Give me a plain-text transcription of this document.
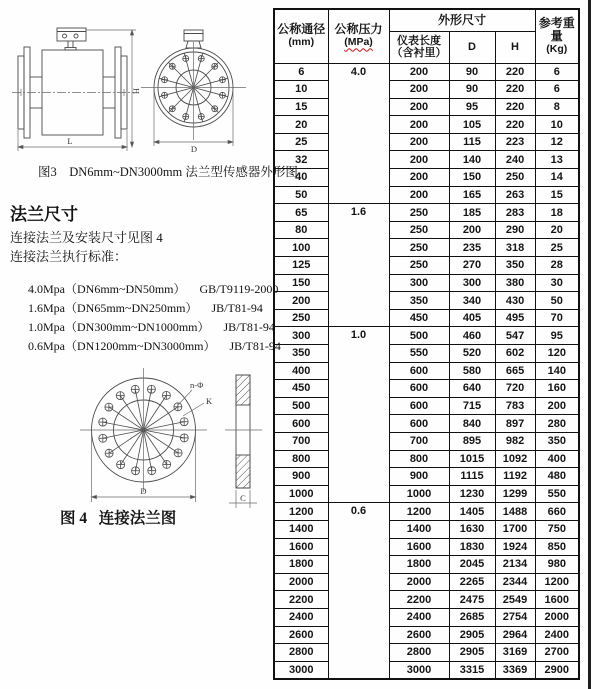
L
H
D
图3    DN6mm~DN3000mm 法兰型传感器外形图
法兰尺寸
连接法兰及安装尺寸见图 4
连接法兰执行标准：

4.0Mpa（DN6mm~DN50mm） GB/T9119-2000

1.6Mpa（DN65mm~DN250mm） JB/T81-94

1.0Mpa（DN300mm~DN1000mm） JB/T81-94

0.6Mpa（DN1200mm~DN3000mm） JB/T81-94

n-Φ
K
D
C
图 4   连接法兰图
公称通径
(mm)

公称压力
(MPa)
	外形尺寸	参考重量
(Kg)

		仪表长度
（含衬里）	D	H	
6	4.0	200	90	220	6
10		200	90	220	6
15		200	95	220	8
20		200	105	220	10
25		200	115	223	12
32		200	140	240	13
40		200	150	250	14
50		200	165	263	15
65	1.6	250	185	283	18
80		250	200	290	20
100		250	235	318	25
125		250	270	350	28
150		300	300	380	30
200		350	340	430	50
250		450	405	495	70
300	1.0	500	460	547	95
350		550	520	602	120
400		600	580	665	140
450		600	640	720	160
500		600	715	783	200
600		600	840	897	280
700		700	895	982	350
800		800	1015	1092	400
900		900	1115	1192	480
1000		1000	1230	1299	550
1200	0.6	1200	1405	1488	660
1400		1400	1630	1700	750
1600		1600	1830	1924	850
1800		1800	2045	2134	980
2000		2000	2265	2344	1200
2200		2200	2475	2549	1600
2400		2400	2685	2754	2000
2600		2600	2905	2964	2400
2800		2800	2905	3169	2700
3000		3000	3315	3369	2900
